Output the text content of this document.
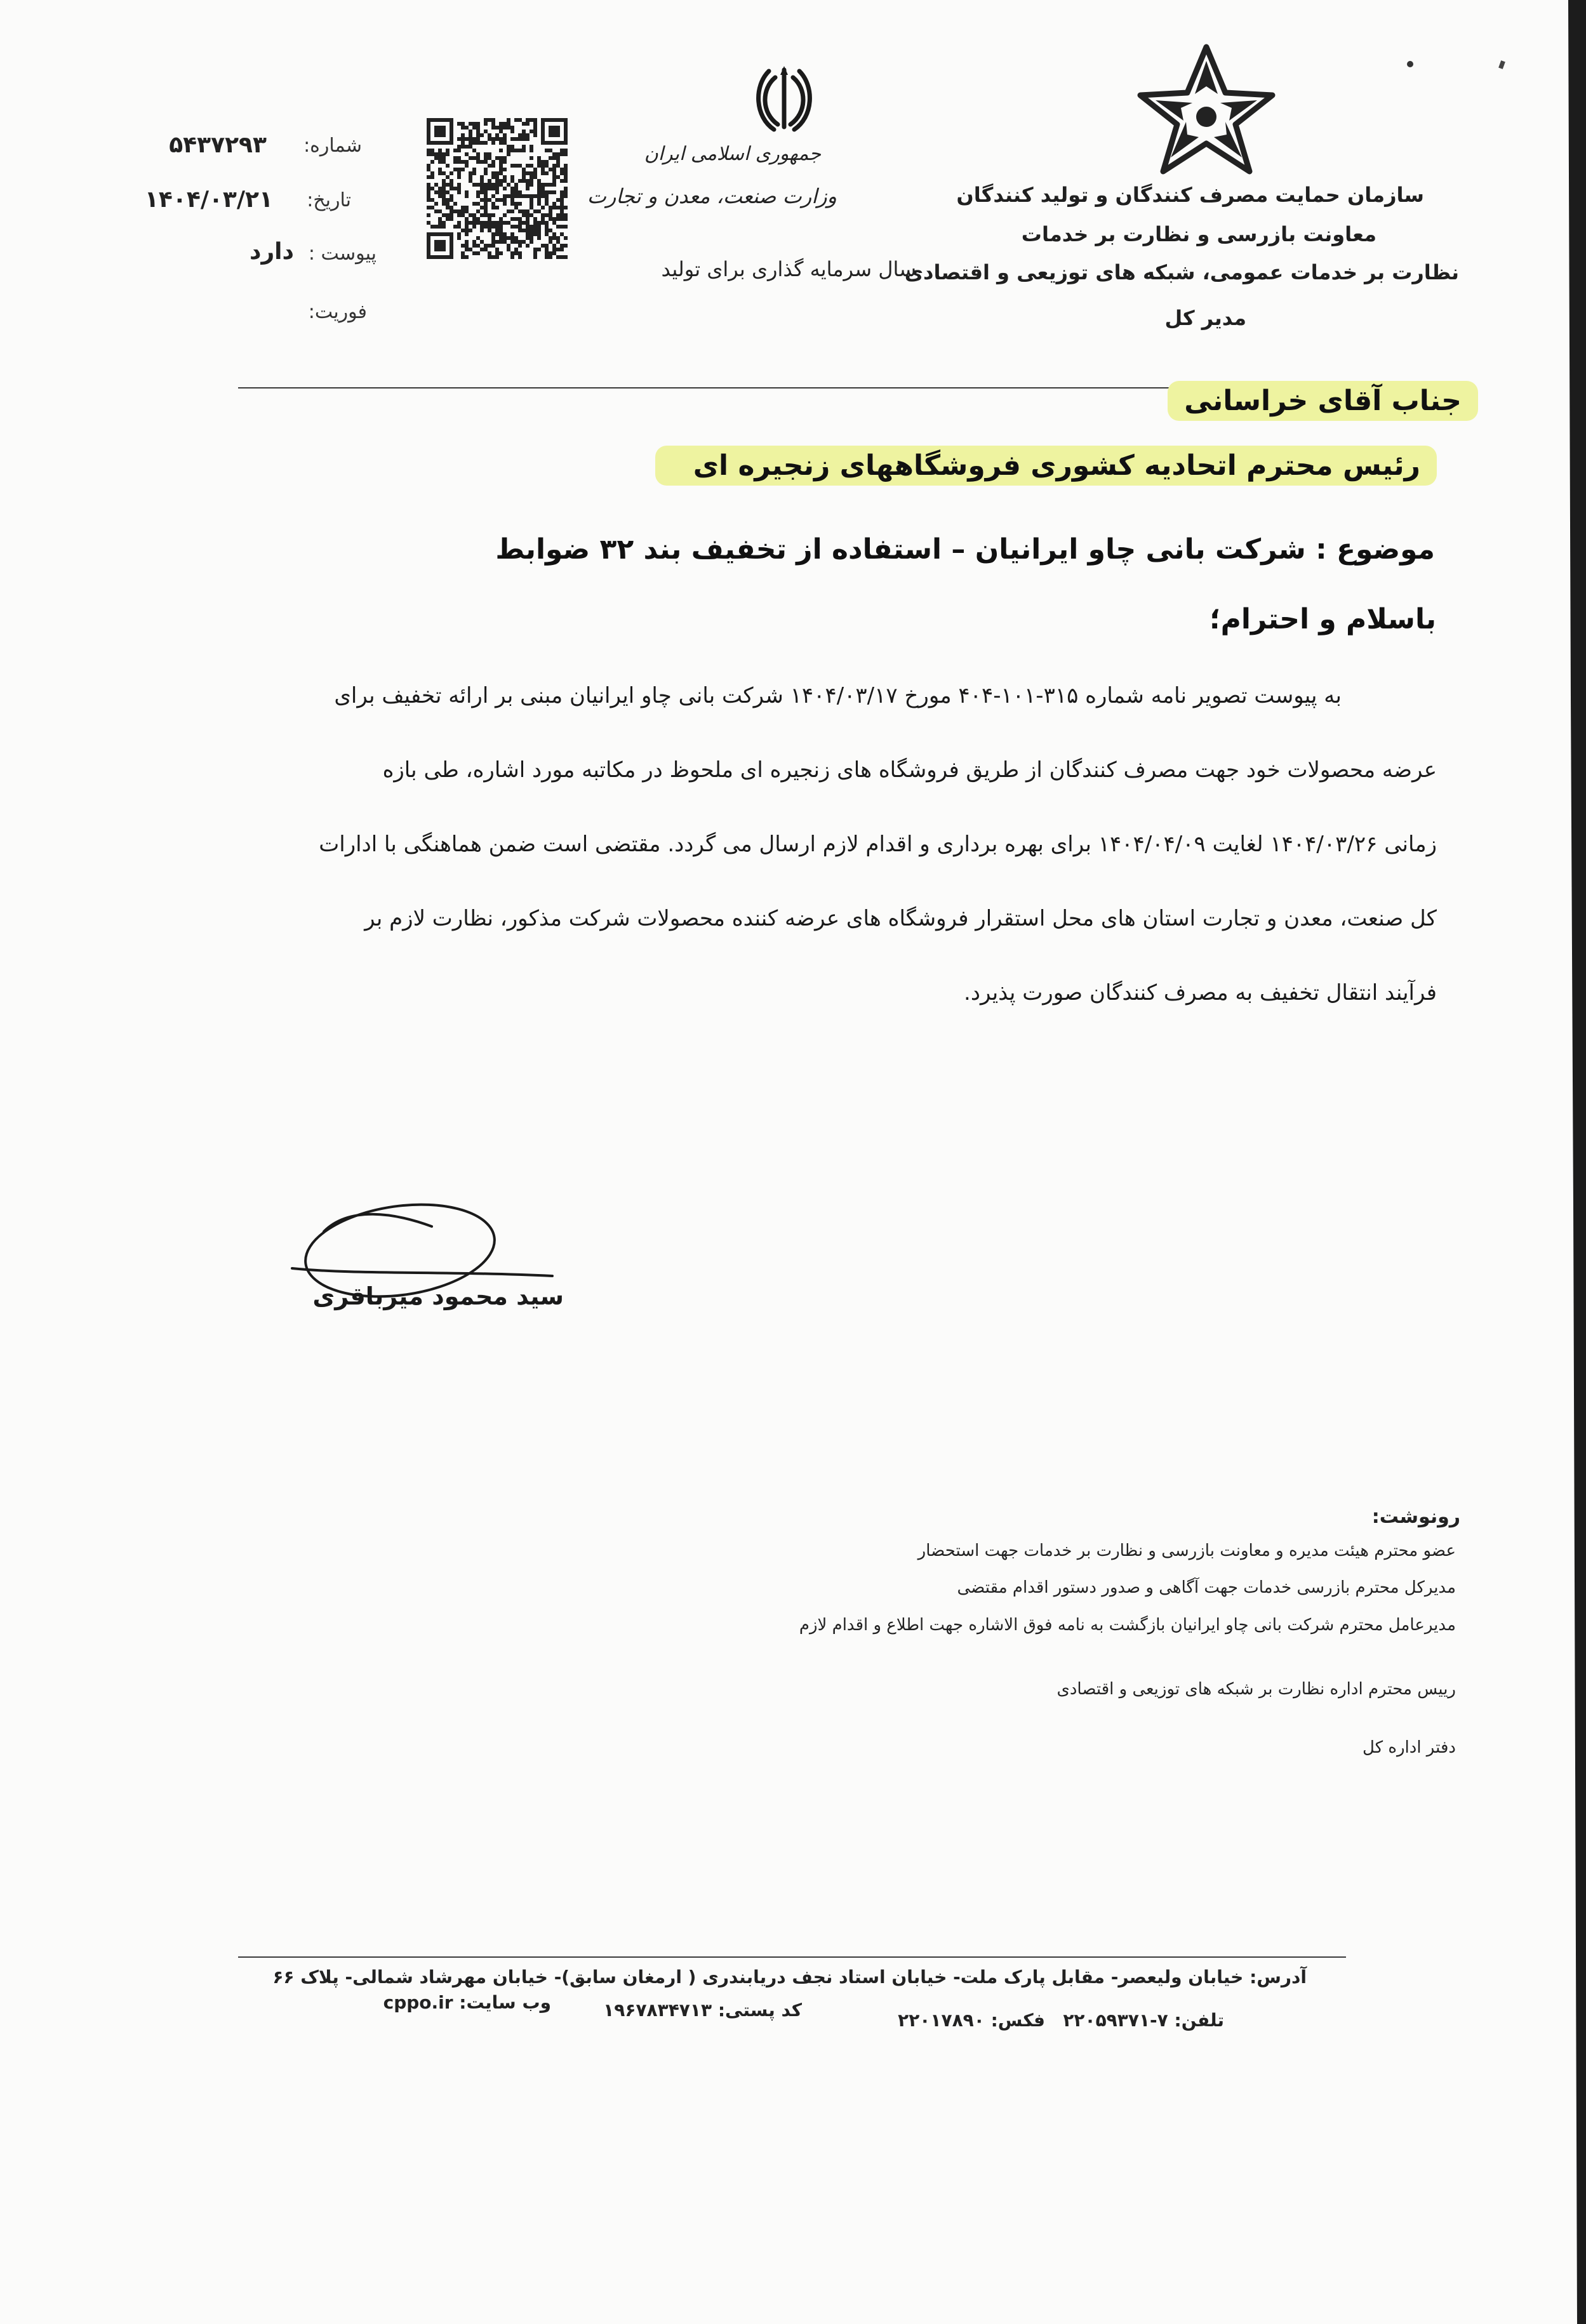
سازمان حمایت مصرف کنندگان و تولید کنندگان
معاونت بازرسی و نظارت بر خدمات
نظارت بر خدمات عمومی، شبکه های توزیعی و اقتصادی
مدیر کل
جمهوری اسلامی ایران
وزارت صنعت، معدن و تجارت
سال سرمایه گذاری برای تولید
شماره:
۵۴۳۷۲۹۳
تاریخ:
۱۴۰۴/۰۳/۲۱
پیوست :
دارد
فوریت:
جناب آقای خراسانی
رئیس محترم اتحادیه کشوری فروشگاههای زنجیره ای
موضوع : شرکت بانی چاو ایرانیان – استفاده از تخفیف بند ۳۲ ضوابط
باسلام و احترام؛
به پیوست تصویر نامه شماره ۳۱۵-۱۰۱-۴۰۴ مورخ ۱۴۰۴/۰۳/۱۷ شرکت بانی چاو ایرانیان مبنی بر ارائه تخفیف برای
عرضه محصولات خود جهت مصرف کنندگان از طریق فروشگاه های زنجیره ای ملحوظ در مکاتبه مورد اشاره، طی بازه
زمانی ۱۴۰۴/۰۳/۲۶ لغایت ۱۴۰۴/۰۴/۰۹ برای بهره برداری و اقدام لازم ارسال می گردد. مقتضی است ضمن هماهنگی با ادارات
کل صنعت، معدن و تجارت استان های محل استقرار فروشگاه های عرضه کننده محصولات شرکت مذکور، نظارت لازم بر
فرآیند انتقال تخفیف به مصرف کنندگان صورت پذیرد.
سید محمود میرباقری
رونوشت:
عضو محترم هیئت مدیره و معاونت بازرسی و نظارت بر خدمات جهت استحضار
مدیرکل محترم بازرسی خدمات جهت آگاهی و صدور دستور اقدام مقتضی
مدیرعامل محترم شرکت بانی چاو ایرانیان بازگشت به نامه فوق الاشاره جهت اطلاع و اقدام لازم
رییس محترم اداره نظارت بر شبکه های توزیعی و اقتصادی
دفتر اداره کل
آدرس: خیابان ولیعصر- مقابل پارک ملت- خیابان استاد نجف دریابندری ( ارمغان سابق)- خیابان مهرشاد شمالی- پلاک ۶۶
تلفن: ۷-۲۲۰۵۹۳۷۱
فکس: ۲۲۰۱۷۸۹۰
کد پستی: ۱۹۶۷۸۳۴۷۱۳
وب سایت: cppo.ir
